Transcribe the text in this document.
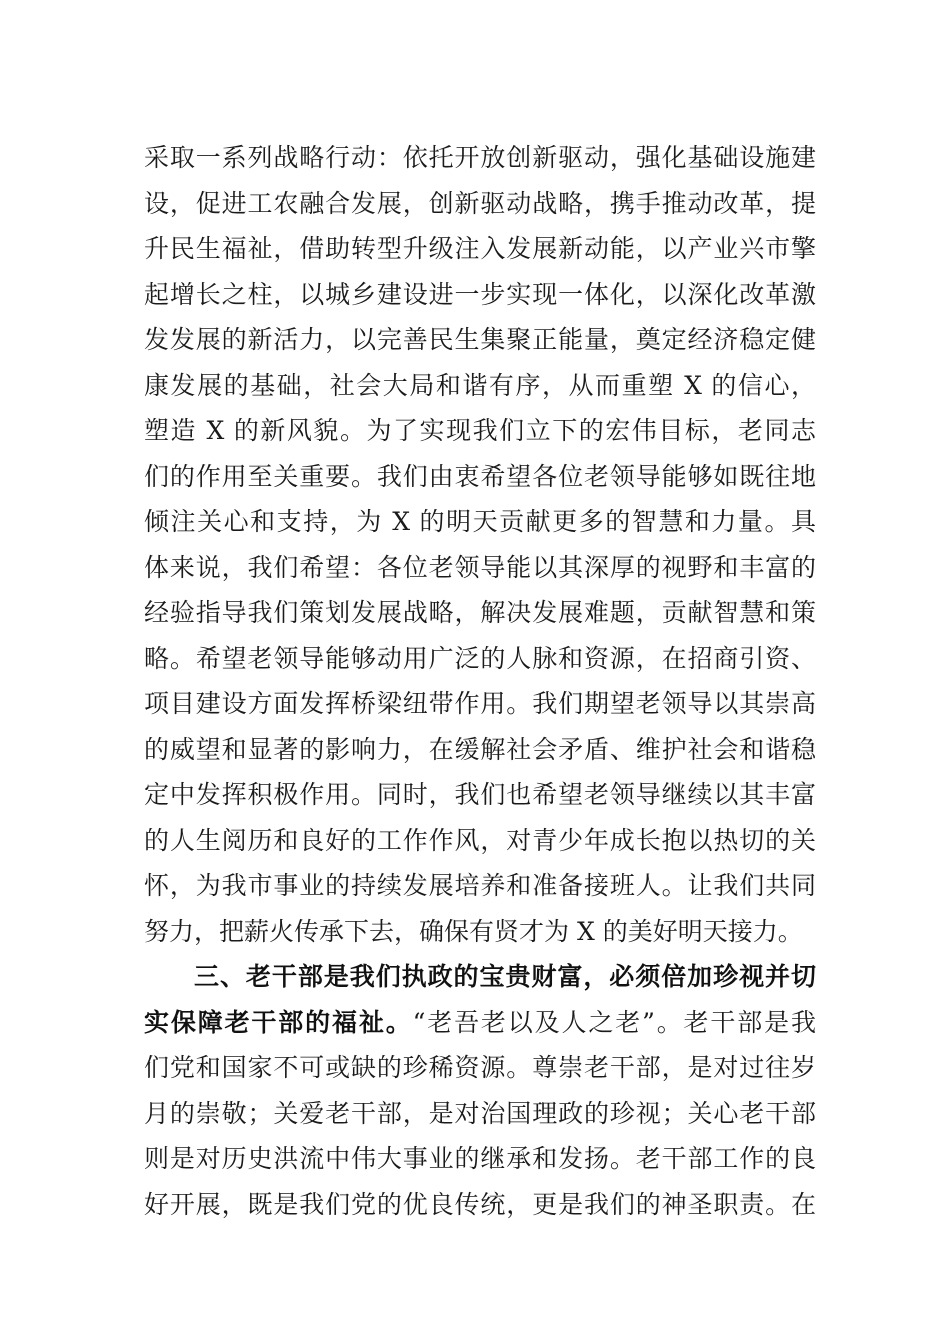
采取一系列战略行动：依托开放创新驱动，强化基础设施建
设，促进工农融合发展，创新驱动战略，携手推动改革，提
升民生福祉，借助转型升级注入发展新动能，以产业兴市擎
起增长之柱，以城乡建设进一步实现一体化，以深化改革激
发发展的新活力，以完善民生集聚正能量，奠定经济稳定健
康发展的基础，社会大局和谐有序，从而重塑 X 的信心，
塑造 X 的新风貌。为了实现我们立下的宏伟目标，老同志
们的作用至关重要。我们由衷希望各位老领导能够如既往地
倾注关心和支持，为 X 的明天贡献更多的智慧和力量。具
体来说，我们希望：各位老领导能以其深厚的视野和丰富的
经验指导我们策划发展战略，解决发展难题，贡献智慧和策
略。希望老领导能够动用广泛的人脉和资源，在招商引资、
项目建设方面发挥桥梁纽带作用。我们期望老领导以其崇高
的威望和显著的影响力，在缓解社会矛盾、维护社会和谐稳
定中发挥积极作用。同时，我们也希望老领导继续以其丰富
的人生阅历和良好的工作作风，对青少年成长抱以热切的关
怀，为我市事业的持续发展培养和准备接班人。让我们共同
努力，把薪火传承下去，确保有贤才为 X 的美好明天接力。
三、老干部是我们执政的宝贵财富，必须倍加珍视并切
实保障老干部的福祉。“老吾老以及人之老”。老干部是我
们党和国家不可或缺的珍稀资源。尊崇老干部，是对过往岁
月的崇敬；关爱老干部，是对治国理政的珍视；关心老干部
则是对历史洪流中伟大事业的继承和发扬。老干部工作的良
好开展，既是我们党的优良传统，更是我们的神圣职责。在
